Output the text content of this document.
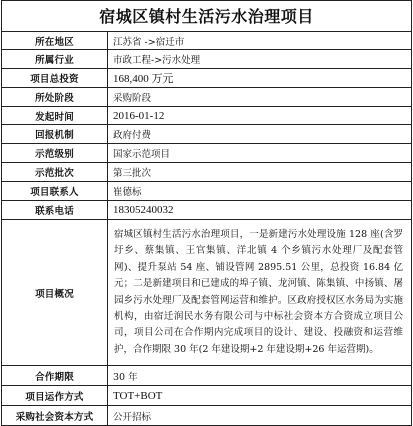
宿城区镇村生活污水治理项目
所在地区	江苏省 ->宿迁市
所属行业	市政工程->污水处理
项目总投资	168,400 万元
所处阶段	采购阶段
发起时间	2016-01-12
回报机制	政府付费
示范级别	国家示范项目
示范批次	第三批次
项目联系人	崔德标
联系电话	18305240032
项目概况	宿城区镇村生活污水治理项目，一是新建污水处理设施 128 座(含罗圩乡、蔡集镇、王官集镇、洋北镇 4 个乡镇污水处理厂及配套管网)、提升泵站 54 座、铺设管网 2895.51 公里，总投资 16.84 亿元；二是新建项目和已建成的埠子镇、龙河镇、陈集镇、中扬镇、屠园乡污水处理厂及配套管网运营和维护。区政府授权区水务局为实施机构，由宿迁润民水务有限公司与中标社会资本方合资成立项目公司，项目公司在合作期内完成项目的设计、建设、投融资和运营维护，合作期限 30 年(2 年建设期+2 年建设期+26 年运营期)。
合作期限	30 年
项目运作方式	TOT+BOT
采购社会资本方式	公开招标
